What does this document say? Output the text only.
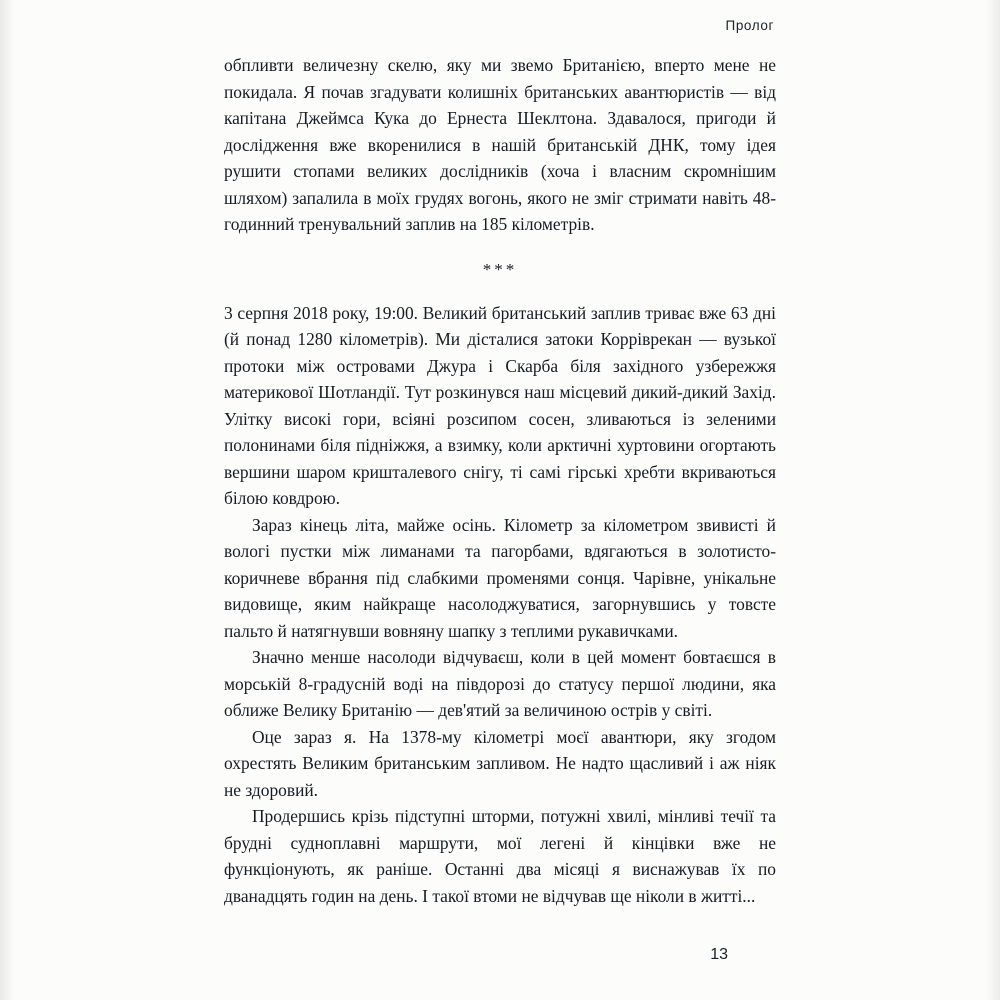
Пролог

обпливти величезну скелю, яку ми звемо Британією, вперто мене не покидала. Я почав згадувати колишніх британських авантюристів — від капітана Джеймса Кука до Ернеста Шеклтона. Здавалося, пригоди й дослідження вже вкоренилися в нашій британській ДНК, тому ідея рушити стопами великих дослідників (хоча і власним скромнішим шляхом) запалила в моїх грудях вогонь, якого не зміг стримати навіть 48-годинний тренувальний заплив на 185 кілометрів.

***

3 серпня 2018 року, 19:00. Великий британський заплив триває вже 63 дні (й понад 1280 кілометрів). Ми дісталися затоки Корріврекан — вузької протоки між островами Джура і Скарба біля західного узбережжя материкової Шотландії. Тут розкинувся наш місцевий дикий-дикий Захід. Улітку високі гори, всіяні розсипом сосен, зливаються із зеленими полонинами біля підніжжя, а взимку, коли арктичні хуртовини огортають вершини шаром кришталевого снігу, ті самі гірські хребти вкриваються білою ковдрою.

Зараз кінець літа, майже осінь. Кілометр за кілометром звивисті й вологі пустки між лиманами та пагорбами, вдягаються в золотисто-коричневе вбрання під слабкими променями сонця. Чарівне, унікальне видовище, яким найкраще насолоджуватися, загорнувшись у товсте пальто й натягнувши вовняну шапку з теплими рукавичками.

Значно менше насолоди відчуваєш, коли в цей момент бовтаєшся в морській 8-градусній воді на півдорозі до статусу першої людини, яка оближе Велику Британію — дев'ятий за величиною острів у світі.

Оце зараз я. На 1378-му кілометрі моєї авантюри, яку згодом охрестять Великим британським запливом. Не надто щасливий і аж ніяк не здоровий.

Продершись крізь підступні шторми, потужні хвилі, мінливі течії та брудні судноплавні маршрути, мої легені й кінцівки вже не функціонують, як раніше. Останні два місяці я виснажував їх по дванадцять годин на день. І такої втоми не відчував ще ніколи в житті...

13
